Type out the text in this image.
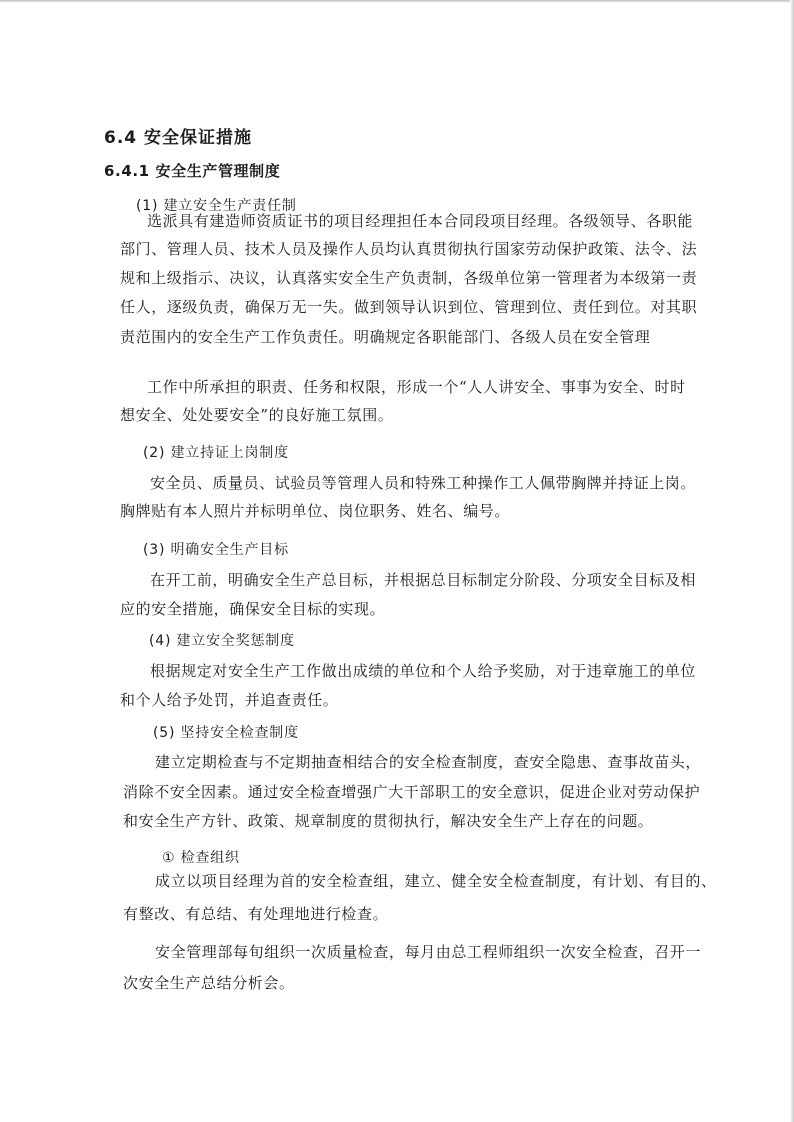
6.4 安全保证措施
6.4.1 安全生产管理制度
(1) 建立安全生产责任制
选派具有建造师资质证书的项目经理担任本合同段项目经理。各级领导、各职能
部门、管理人员、技术人员及操作人员均认真贯彻执行国家劳动保护政策、法令、法
规和上级指示、决议，认真落实安全生产负责制，各级单位第一管理者为本级第一责
任人，逐级负责，确保万无一失。做到领导认识到位、管理到位、责任到位。对其职
责范围内的安全生产工作负责任。明确规定各职能部门、各级人员在安全管理
工作中所承担的职责、任务和权限，形成一个“人人讲安全、事事为安全、时时
想安全、处处要安全”的良好施工氛围。
(2) 建立持证上岗制度
安全员、质量员、试验员等管理人员和特殊工种操作工人佩带胸牌并持证上岗。
胸牌贴有本人照片并标明单位、岗位职务、姓名、编号。
(3) 明确安全生产目标
在开工前，明确安全生产总目标，并根据总目标制定分阶段、分项安全目标及相
应的安全措施，确保安全目标的实现。
(4) 建立安全奖惩制度
根据规定对安全生产工作做出成绩的单位和个人给予奖励，对于违章施工的单位
和个人给予处罚，并追查责任。
(5) 坚持安全检查制度
建立定期检查与不定期抽查相结合的安全检查制度，查安全隐患、查事故苗头，
消除不安全因素。通过安全检查增强广大干部职工的安全意识，促进企业对劳动保护
和安全生产方针、政策、规章制度的贯彻执行，解决安全生产上存在的问题。
① 检查组织
成立以项目经理为首的安全检查组，建立、健全安全检查制度，有计划、有目的、
有整改、有总结、有处理地进行检查。
安全管理部每旬组织一次质量检查，每月由总工程师组织一次安全检查，召开一
次安全生产总结分析会。
